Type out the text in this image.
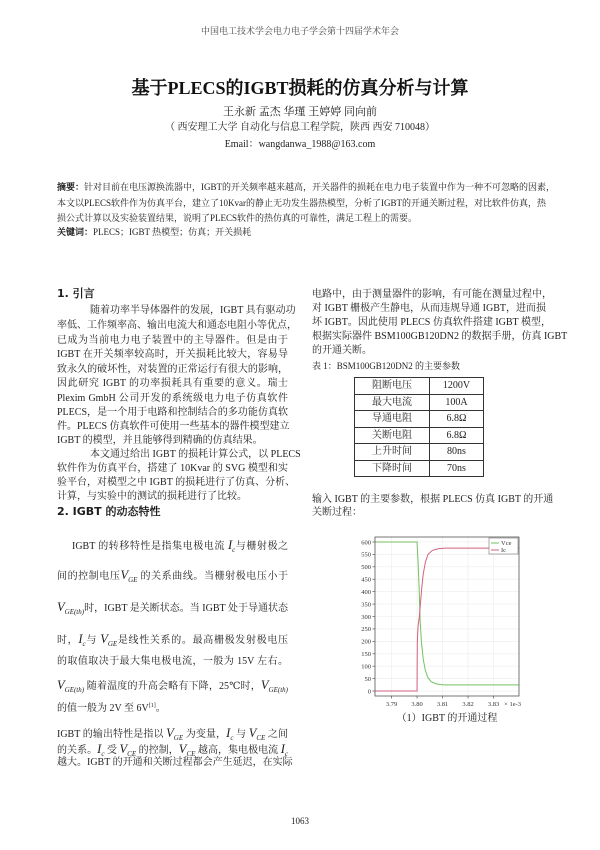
中国电工技术学会电力电子学会第十四届学术年会
基于PLECS的IGBT损耗的仿真分析与计算
王永新 孟杰 华瑾 王婷婷 同向前
（ 西安理工大学 自动化与信息工程学院，陕西 西安 710048）
Email：wangdanwa_1988@163.com
摘要：针对目前在电压源换流器中，IGBT的开关频率越来越高，开关器件的损耗在电力电子装置中作为一种不可忽略的因素，
本文以PLECS软件作为仿真平台，建立了10Kvar的静止无功发生器热模型，分析了IGBT的开通关断过程，对比软件仿真，热
损公式计算以及实验装置结果，说明了PLECS软件的热仿真的可靠性，满足工程上的需要。
关键词：PLECS；IGBT 热模型；仿真；开关损耗
1. 引言
随着功率半导体器件的发展，IGBT 具有驱动功
率低、工作频率高、输出电流大和通态电阻小等优点，
已成为当前电力电子装置中的主导器件。但是由于
IGBT 在开关频率较高时，开关损耗比较大，容易导
致永久的破坏性，对装置的正常运行有很大的影响，
因此研究 IGBT 的功率损耗具有重要的意义。瑞士
Plexim GmbH 公司开发的系统级电力电子仿真软件
PLECS，是一个用于电路和控制结合的多功能仿真软
件。PLECS 仿真软件可使用一些基本的器件模型建立
IGBT 的模型，并且能够得到精确的仿真结果。
本文通过给出 IGBT 的损耗计算公式，以 PLECS
软件作为仿真平台，搭建了 10Kvar 的 SVG 模型和实
验平台，对模型之中 IGBT 的损耗进行了仿真、分析、
计算，与实验中的测试的损耗进行了比较。
2. IGBT 的动态特性
IGBT 的转移特性是指集电极电流 $I_c$与栅射极之
间的控制电压$V_{GE}$ 的关系曲线。当栅射极电压小于
$V_{GE(th)}$时，IGBT 是关断状态。当 IGBT 处于导通状态
时，$I_c$与 $V_{GE}$是线性关系的。最高栅极发射极电压
的取值取决于最大集电极电流，一般为 15V 左右。
$V_{GE(th)}$ 随着温度的升高会略有下降，25℃时，$V_{GE(th)}$
的值一般为 2V 至 6V[1]。
IGBT 的输出特性是指以 $V_{GE}$ 为变量，$I_c$ 与 $V_{CE}$ 之间
的关系。$I_c$ 受 $V_{CE}$ 的控制，$V_{CE}$ 越高，集电极电流 $I_c$
越大。IGBT 的开通和关断过程都会产生延迟，在实际
电路中，由于测量器件的影响，有可能在测量过程中，
对 IGBT 栅极产生静电，从而违规导通 IGBT，进而损
坏 IGBT。因此使用 PLECS 仿真软件搭建 IGBT 模型，
根据实际器件 BSM100GB120DN2 的数据手册，仿真 IGBT
的开通关断。
表 1：BSM100GB120DN2 的主要参数
阻断电压	1200V
最大电流	100A
导通电阻	6.8Ω
关断电阻	6.8Ω
上升时间	80ns
下降时间	70ns
输入 IGBT 的主要参数，根据 PLECS 仿真 IGBT 的开通
关断过程：
3.79 3.80 3.81 3.82 3.83
0
50
100
150
200
250
300
350
400
450
500
550
600
× 1e-3
Vce
Ic
（1）IGBT 的开通过程
1063
